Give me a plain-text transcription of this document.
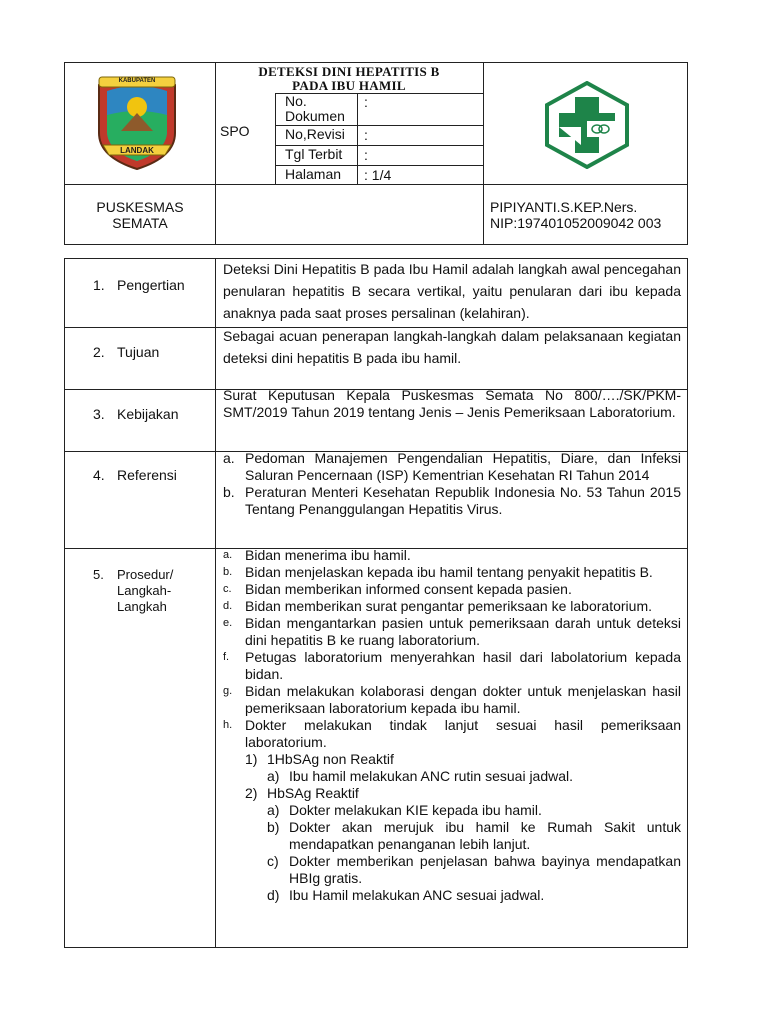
KABUPATEN
LANDAK
DETEKSI DINI HEPATITIS B
PADA IBU HAMIL
SPO
No. Dokumen
:
No,Revisi :
Tgl Terbit :
Halaman : 1/4
PUSKESMAS
SEMATA
PIPIYANTI.S.KEP.Ners.
NIP:197401052009042 003
1. Pengertian
Deteksi Dini Hepatitis B pada Ibu Hamil adalah langkah awal pencegahan penularan hepatitis B secara vertikal, yaitu penularan dari ibu kepada anaknya pada saat proses persalinan (kelahiran).
2. Tujuan
Sebagai acuan penerapan langkah-langkah dalam pelaksanaan kegiatan deteksi dini hepatitis B pada ibu hamil.
3. Kebijakan
Surat Keputusan Kepala Puskesmas Semata No 800/…./SK/PKM-SMT/2019 Tahun 2019 tentang Jenis – Jenis Pemeriksaan Laboratorium.
4. Referensi
a. Pedoman Manajemen Pengendalian Hepatitis, Diare, dan Infeksi Saluran Pencernaan (ISP) Kementrian Kesehatan RI Tahun 2014
b. Peraturan Menteri Kesehatan Republik Indonesia No. 53 Tahun 2015 Tentang Penanggulangan Hepatitis Virus.
5.	Prosedur/
Langkah-
Langkah
a. Bidan menerima ibu hamil.
b. Bidan menjelaskan kepada ibu hamil tentang penyakit hepatitis B.
c. Bidan memberikan informed consent kepada pasien.
d. Bidan memberikan surat pengantar pemeriksaan ke laboratorium.
e. Bidan mengantarkan pasien untuk pemeriksaan darah untuk deteksi dini hepatitis B ke ruang laboratorium.
f.	Petugas laboratorium menyerahkan hasil dari labolatorium kepada bidan.
g. Bidan melakukan kolaborasi dengan dokter untuk menjelaskan hasil pemeriksaan laboratorium kepada ibu hamil.
h. Dokter melakukan tindak lanjut sesuai hasil pemeriksaan laboratorium.
1) 1HbSAg non Reaktif
a) Ibu hamil melakukan ANC rutin sesuai jadwal.
2) HbSAg Reaktif
a) Dokter melakukan KIE kepada ibu hamil.
b) Dokter akan merujuk ibu hamil ke Rumah Sakit untuk mendapatkan penanganan lebih lanjut.
c) Dokter memberikan penjelasan bahwa bayinya mendapatkan HBIg gratis.
d) Ibu Hamil melakukan ANC sesuai jadwal.
